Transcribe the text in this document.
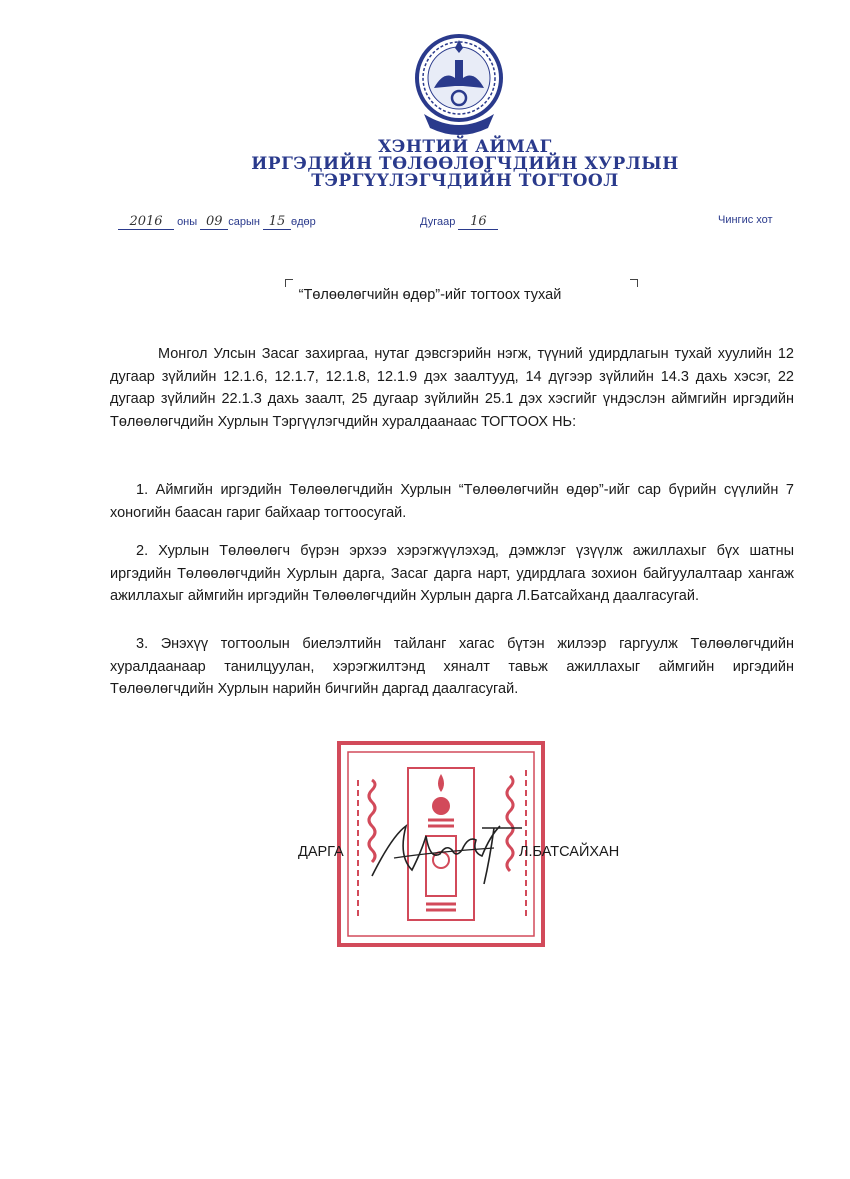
ХЭНТИЙ АЙМАГ
ИРГЭДИЙН ТӨЛӨӨЛӨГЧДИЙН ХУРЛЫН
ТЭРГҮҮЛЭГЧДИЙН ТОГТООЛ
2016 оны 09 сарын 15 өдөр	Дугаар 16	Чингис хот
“Төлөөлөгчийн өдөр”-ийг тогтоох тухай
Монгол Улсын Засаг захиргаа, нутаг дэвсгэрийн нэгж, түүний удирдлагын тухай хуулийн 12 дугаар зүйлийн 12.1.6, 12.1.7, 12.1.8, 12.1.9 дэх заалтууд, 14 дүгээр зүйлийн 14.3 дахь хэсэг, 22 дугаар зүйлийн 22.1.3 дахь заалт, 25 дугаар зүйлийн 25.1 дэх хэсгийг үндэслэн аймгийн иргэдийн Төлөөлөгчдийн Хурлын Тэргүүлэгчдийн хуралдаанаас ТОГТООХ НЬ:
1. Аймгийн иргэдийн Төлөөлөгчдийн Хурлын “Төлөөлөгчийн өдөр”-ийг сар бүрийн сүүлийн 7 хоногийн баасан гариг байхаар тогтоосугай.
2. Хурлын Төлөөлөгч бүрэн эрхээ хэрэгжүүлэхэд, дэмжлэг үзүүлж ажиллахыг бүх шатны иргэдийн Төлөөлөгчдийн Хурлын дарга, Засаг дарга нарт, удирдлага зохион байгуулалтаар хангаж ажиллахыг аймгийн иргэдийн Төлөөлөгчдийн Хурлын дарга Л.Батсайханд даалгасугай.
3. Энэхүү тогтоолын биелэлтийн тайланг хагас бүтэн жилээр гаргуулж Төлөөлөгчдийн хуралдаанаар танилцуулан, хэрэгжилтэнд хяналт тавьж ажиллахыг аймгийн иргэдийн Төлөөлөгчдийн Хурлын нарийн бичгийн даргад даалгасугай.
ДАРГА	Л.БАТСАЙХАН
